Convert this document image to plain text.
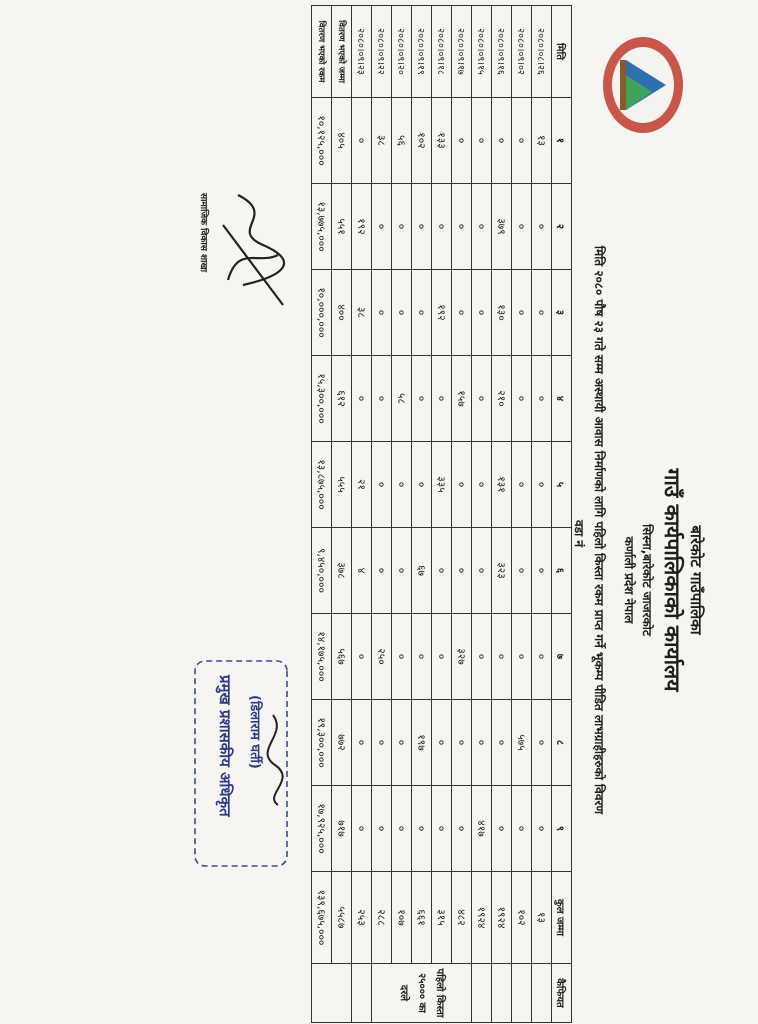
बारेकोट गाउँपालिका
गाउँ कार्यपालिकाको कार्यालय
सिस्ना,बारेकोट जाजरकोट
कर्णाली प्रदेश नेपाल
मिति २०८० पौष २३ गते सम्म अस्थायी आवास निर्माणको लागि पहिलो किस्ता रकम प्राप्त गर्ने भूकम्प पीडित लाभग्राहीहरुको विवरण
वडा नं
मिति	१	२	३	४	५	६	७	८	९	कुल जम्मा	कैफियत
२०८०।०८।२६	१३	०	०	०	०	०	०	०	०	१३	
२०८०।०९।०२	०	०	०	०	०	०	०	५७५	०	१०२	
२०८०।०९।१६	०	३७९	१३०	२१०	१३१	३२३	०	०	०	१९२४	
२०८०।०९।१५	०	०	०	०	०	०	०	०	४१७	१९२४	
२०८०।०९।१७	०	०	०	१५७	०	०	३२७	०	०	४८२	पहिलो किस्ता २५००० का दरले
२०८०।०९।१८	१३३	०	१९२	०	३३५	०	०	०	०	३१५	
२०८०।०९।१९	१०२	०	०	०	०	६७	०	१९७	०	६६१	
२०८०।०९।२०	५६	०	०	५८	०	०	०	०	०	१०७	
२०८०।०९।२२	३८	०	०	०	०	०	२५०	०	०	२८८	
२०८०।०९।२३	०	१९२	३८	०	२१	४	०	०	०	२५३	
वितरण भएको जम्मा	४०५	५५१	४००	६१२	५५५	३७८	५६७	७७२	७१७	५५८७	
वितरण भएको रकम	१०,१२५,०००	१३,७७५,०००	१०,०००,०००	१५,३००,०००	१३,८७५,०००	९,४५०,०००	१४,१७५,०००	१९,३००,०००	१७,९२५,०००	१३९,६७५,०००	
सामाजिक विकास शाखा
(डिलाराम घर्ती)
प्रमुख प्रशासकीय अधिकृत
